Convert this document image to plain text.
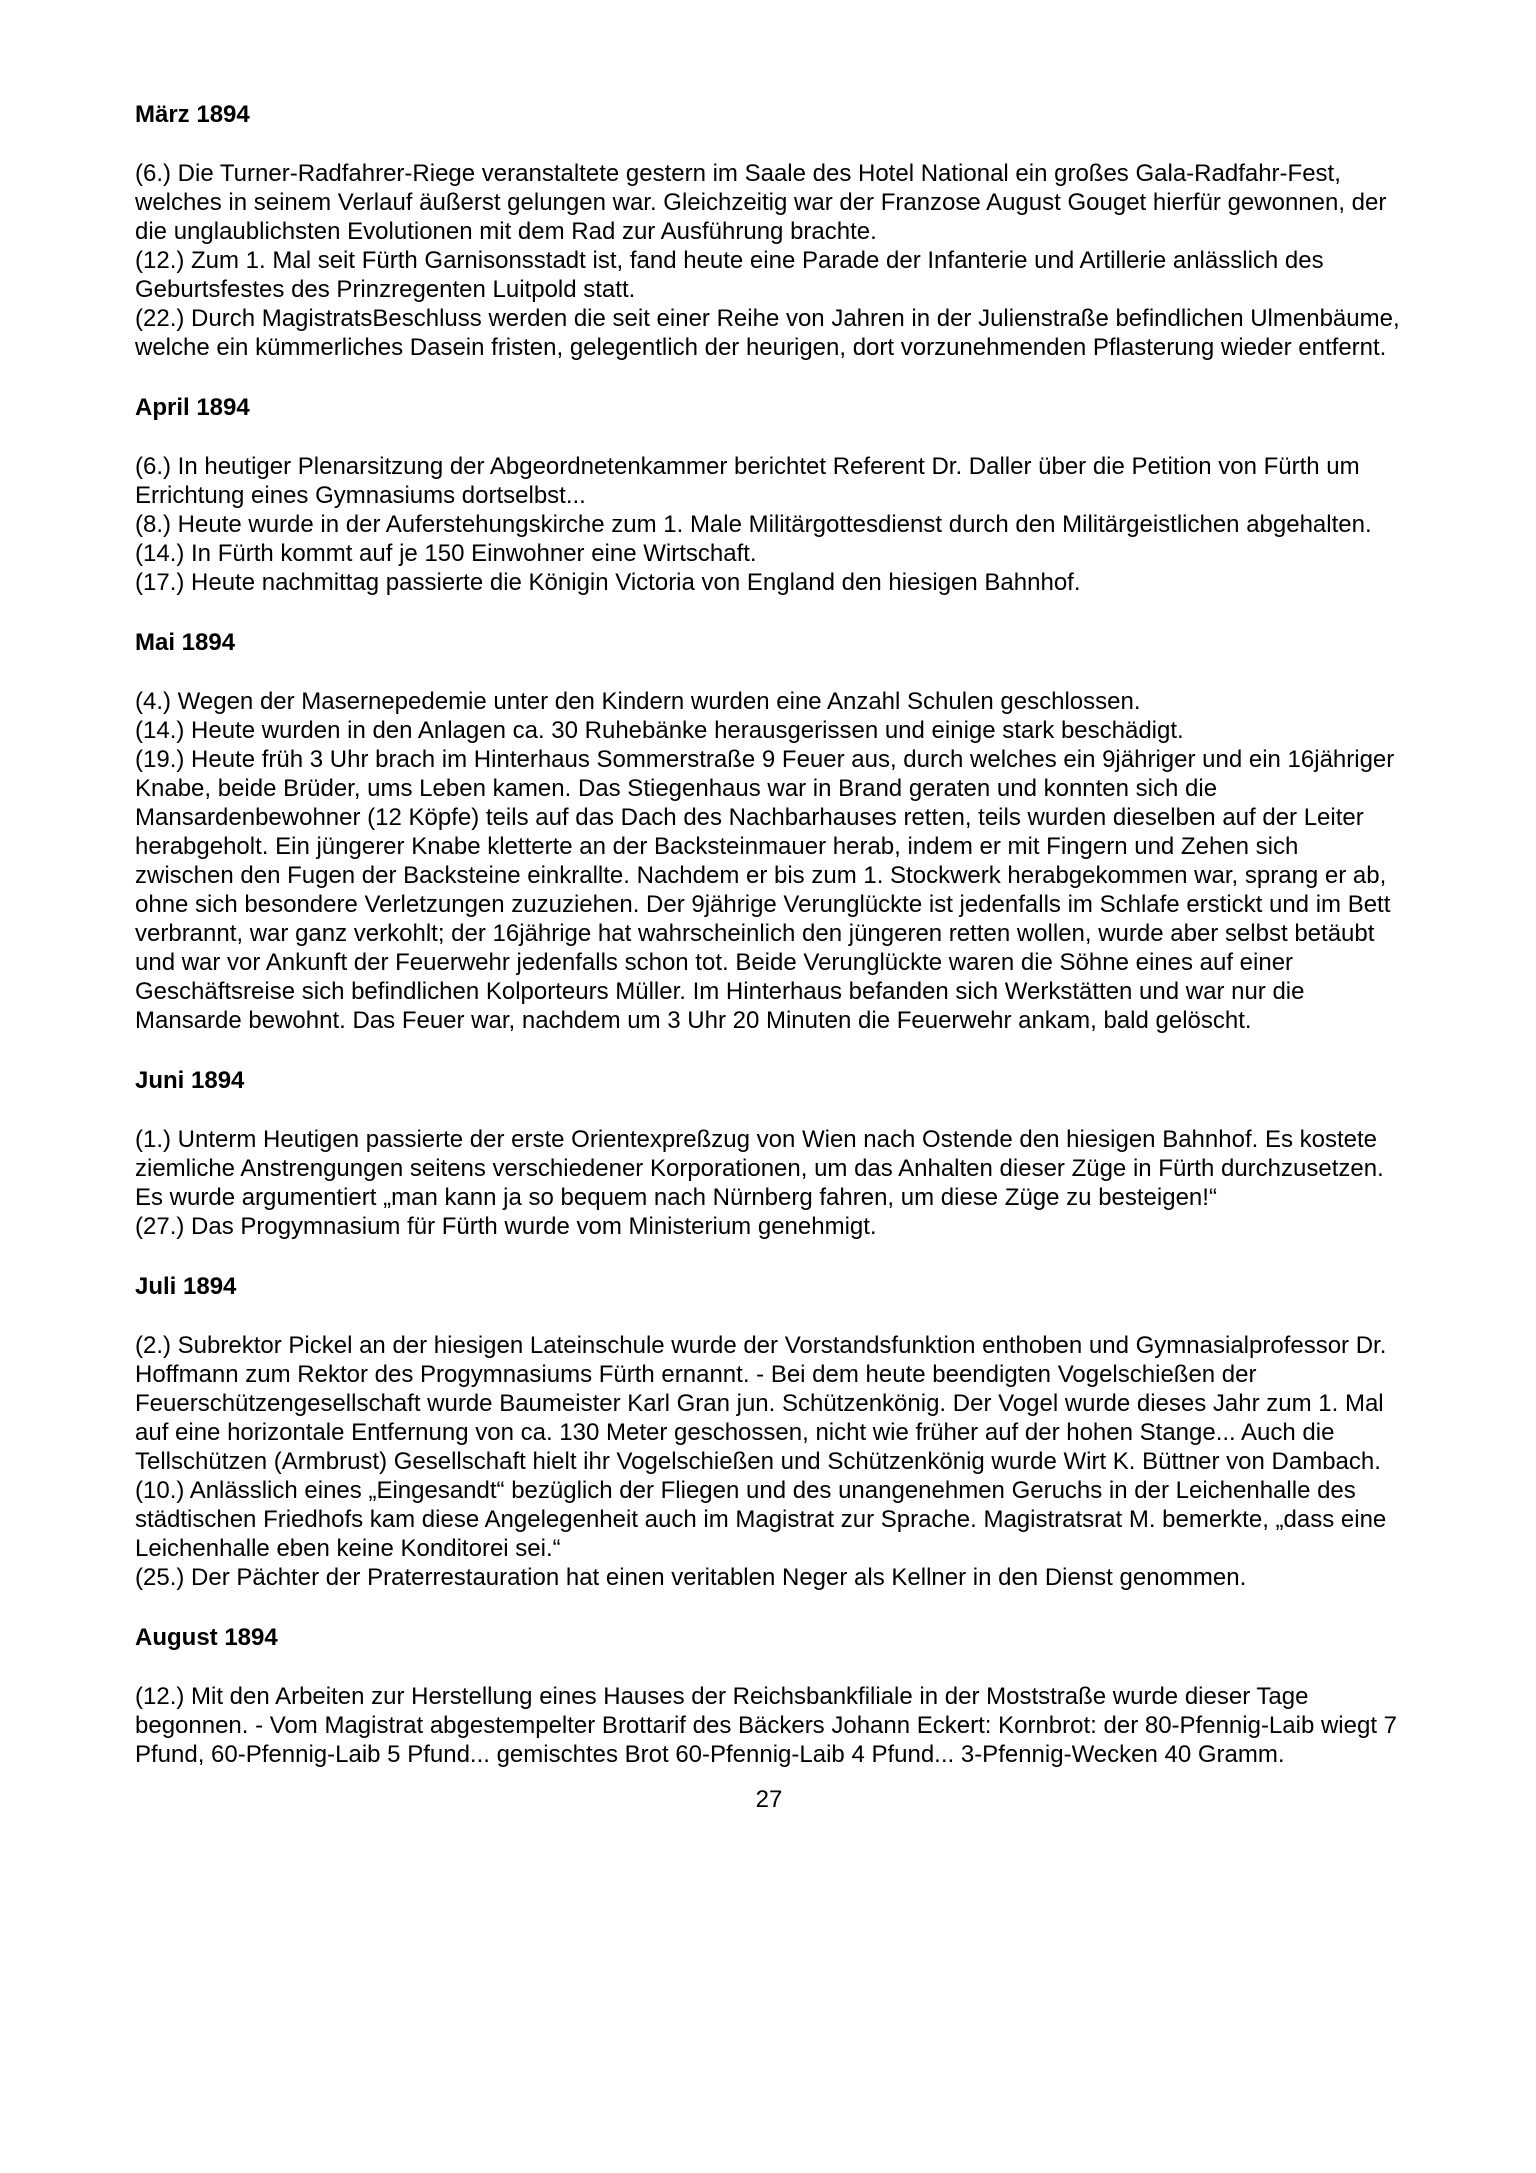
März 1894

(6.) Die Turner-Radfahrer-Riege veranstaltete gestern im Saale des Hotel National ein großes Gala-Radfahr-Fest, welches in seinem Verlauf äußerst gelungen war. Gleichzeitig war der Franzose August Gouget hierfür gewonnen, der die unglaublichsten Evolutionen mit dem Rad zur Ausführung brachte.

(12.) Zum 1. Mal seit Fürth Garnisonsstadt ist, fand heute eine Parade der Infanterie und Artillerie anlässlich des Geburtsfestes des Prinzregenten Luitpold statt.

(22.) Durch MagistratsBeschluss werden die seit einer Reihe von Jahren in der Julienstraße befindlichen Ulmenbäume, welche ein kümmerliches Dasein fristen, gelegentlich der heurigen, dort vorzunehmenden Pflasterung wieder entfernt.

April 1894

(6.) In heutiger Plenarsitzung der Abgeordnetenkammer berichtet Referent Dr. Daller über die Petition von Fürth um Errichtung eines Gymnasiums dortselbst...

(8.) Heute wurde in der Auferstehungskirche zum 1. Male Militärgottesdienst durch den Militärgeistlichen abgehalten.

(14.) In Fürth kommt auf je 150 Einwohner eine Wirtschaft.

(17.) Heute nachmittag passierte die Königin Victoria von England den hiesigen Bahnhof.

Mai 1894

(4.) Wegen der Masernepedemie unter den Kindern wurden eine Anzahl Schulen geschlossen.

(14.) Heute wurden in den Anlagen ca. 30 Ruhebänke herausgerissen und einige stark beschädigt.

(19.) Heute früh 3 Uhr brach im Hinterhaus Sommerstraße 9 Feuer aus, durch welches ein 9jähriger und ein 16jähriger Knabe, beide Brüder, ums Leben kamen. Das Stiegenhaus war in Brand geraten und konnten sich die Mansardenbewohner (12 Köpfe) teils auf das Dach des Nachbarhauses retten, teils wurden dieselben auf der Leiter herabgeholt. Ein jüngerer Knabe kletterte an der Backsteinmauer herab, indem er mit Fingern und Zehen sich zwischen den Fugen der Backsteine einkrallte. Nachdem er bis zum 1. Stockwerk herabgekommen war, sprang er ab, ohne sich besondere Verletzungen zuzuziehen. Der 9jährige Verunglückte ist jedenfalls im Schlafe erstickt und im Bett verbrannt, war ganz verkohlt; der 16jährige hat wahrscheinlich den jüngeren retten wollen, wurde aber selbst betäubt und war vor Ankunft der Feuerwehr jedenfalls schon tot. Beide Verunglückte waren die Söhne eines auf einer Geschäftsreise sich befindlichen Kolporteurs Müller. Im Hinterhaus befanden sich Werkstätten und war nur die Mansarde bewohnt. Das Feuer war, nachdem um 3 Uhr 20 Minuten die Feuerwehr ankam, bald gelöscht.

Juni 1894

(1.) Unterm Heutigen passierte der erste Orientexpreßzug von Wien nach Ostende den hiesigen Bahnhof. Es kostete ziemliche Anstrengungen seitens verschiedener Korporationen, um das Anhalten dieser Züge in Fürth durchzusetzen. Es wurde argumentiert „man kann ja so bequem nach Nürnberg fahren, um diese Züge zu besteigen!“

(27.) Das Progymnasium für Fürth wurde vom Ministerium genehmigt.

Juli 1894

(2.) Subrektor Pickel an der hiesigen Lateinschule wurde der Vorstandsfunktion enthoben und Gymnasialprofessor Dr. Hoffmann zum Rektor des Progymnasiums Fürth ernannt. - Bei dem heute beendigten Vogelschießen der Feuerschützengesellschaft wurde Baumeister Karl Gran jun. Schützenkönig. Der Vogel wurde dieses Jahr zum 1. Mal auf eine horizontale Entfernung von ca. 130 Meter geschossen, nicht wie früher auf der hohen Stange... Auch die Tellschützen (Armbrust) Gesellschaft hielt ihr Vogelschießen und Schützenkönig wurde Wirt K. Büttner von Dambach.

(10.) Anlässlich eines „Eingesandt“ bezüglich der Fliegen und des unangenehmen Geruchs in der Leichenhalle des städtischen Friedhofs kam diese Angelegenheit auch im Magistrat zur Sprache. Magistratsrat M. bemerkte, „dass eine Leichenhalle eben keine Konditorei sei.“

(25.) Der Pächter der Praterrestauration hat einen veritablen Neger als Kellner in den Dienst genommen.

August 1894

(12.) Mit den Arbeiten zur Herstellung eines Hauses der Reichsbankfiliale in der Moststraße wurde dieser Tage begonnen. - Vom Magistrat abgestempelter Brottarif des Bäckers Johann Eckert: Kornbrot: der 80-Pfennig-Laib wiegt 7 Pfund, 60-Pfennig-Laib 5 Pfund... gemischtes Brot 60-Pfennig-Laib 4 Pfund... 3-Pfennig-Wecken 40 Gramm.

27
